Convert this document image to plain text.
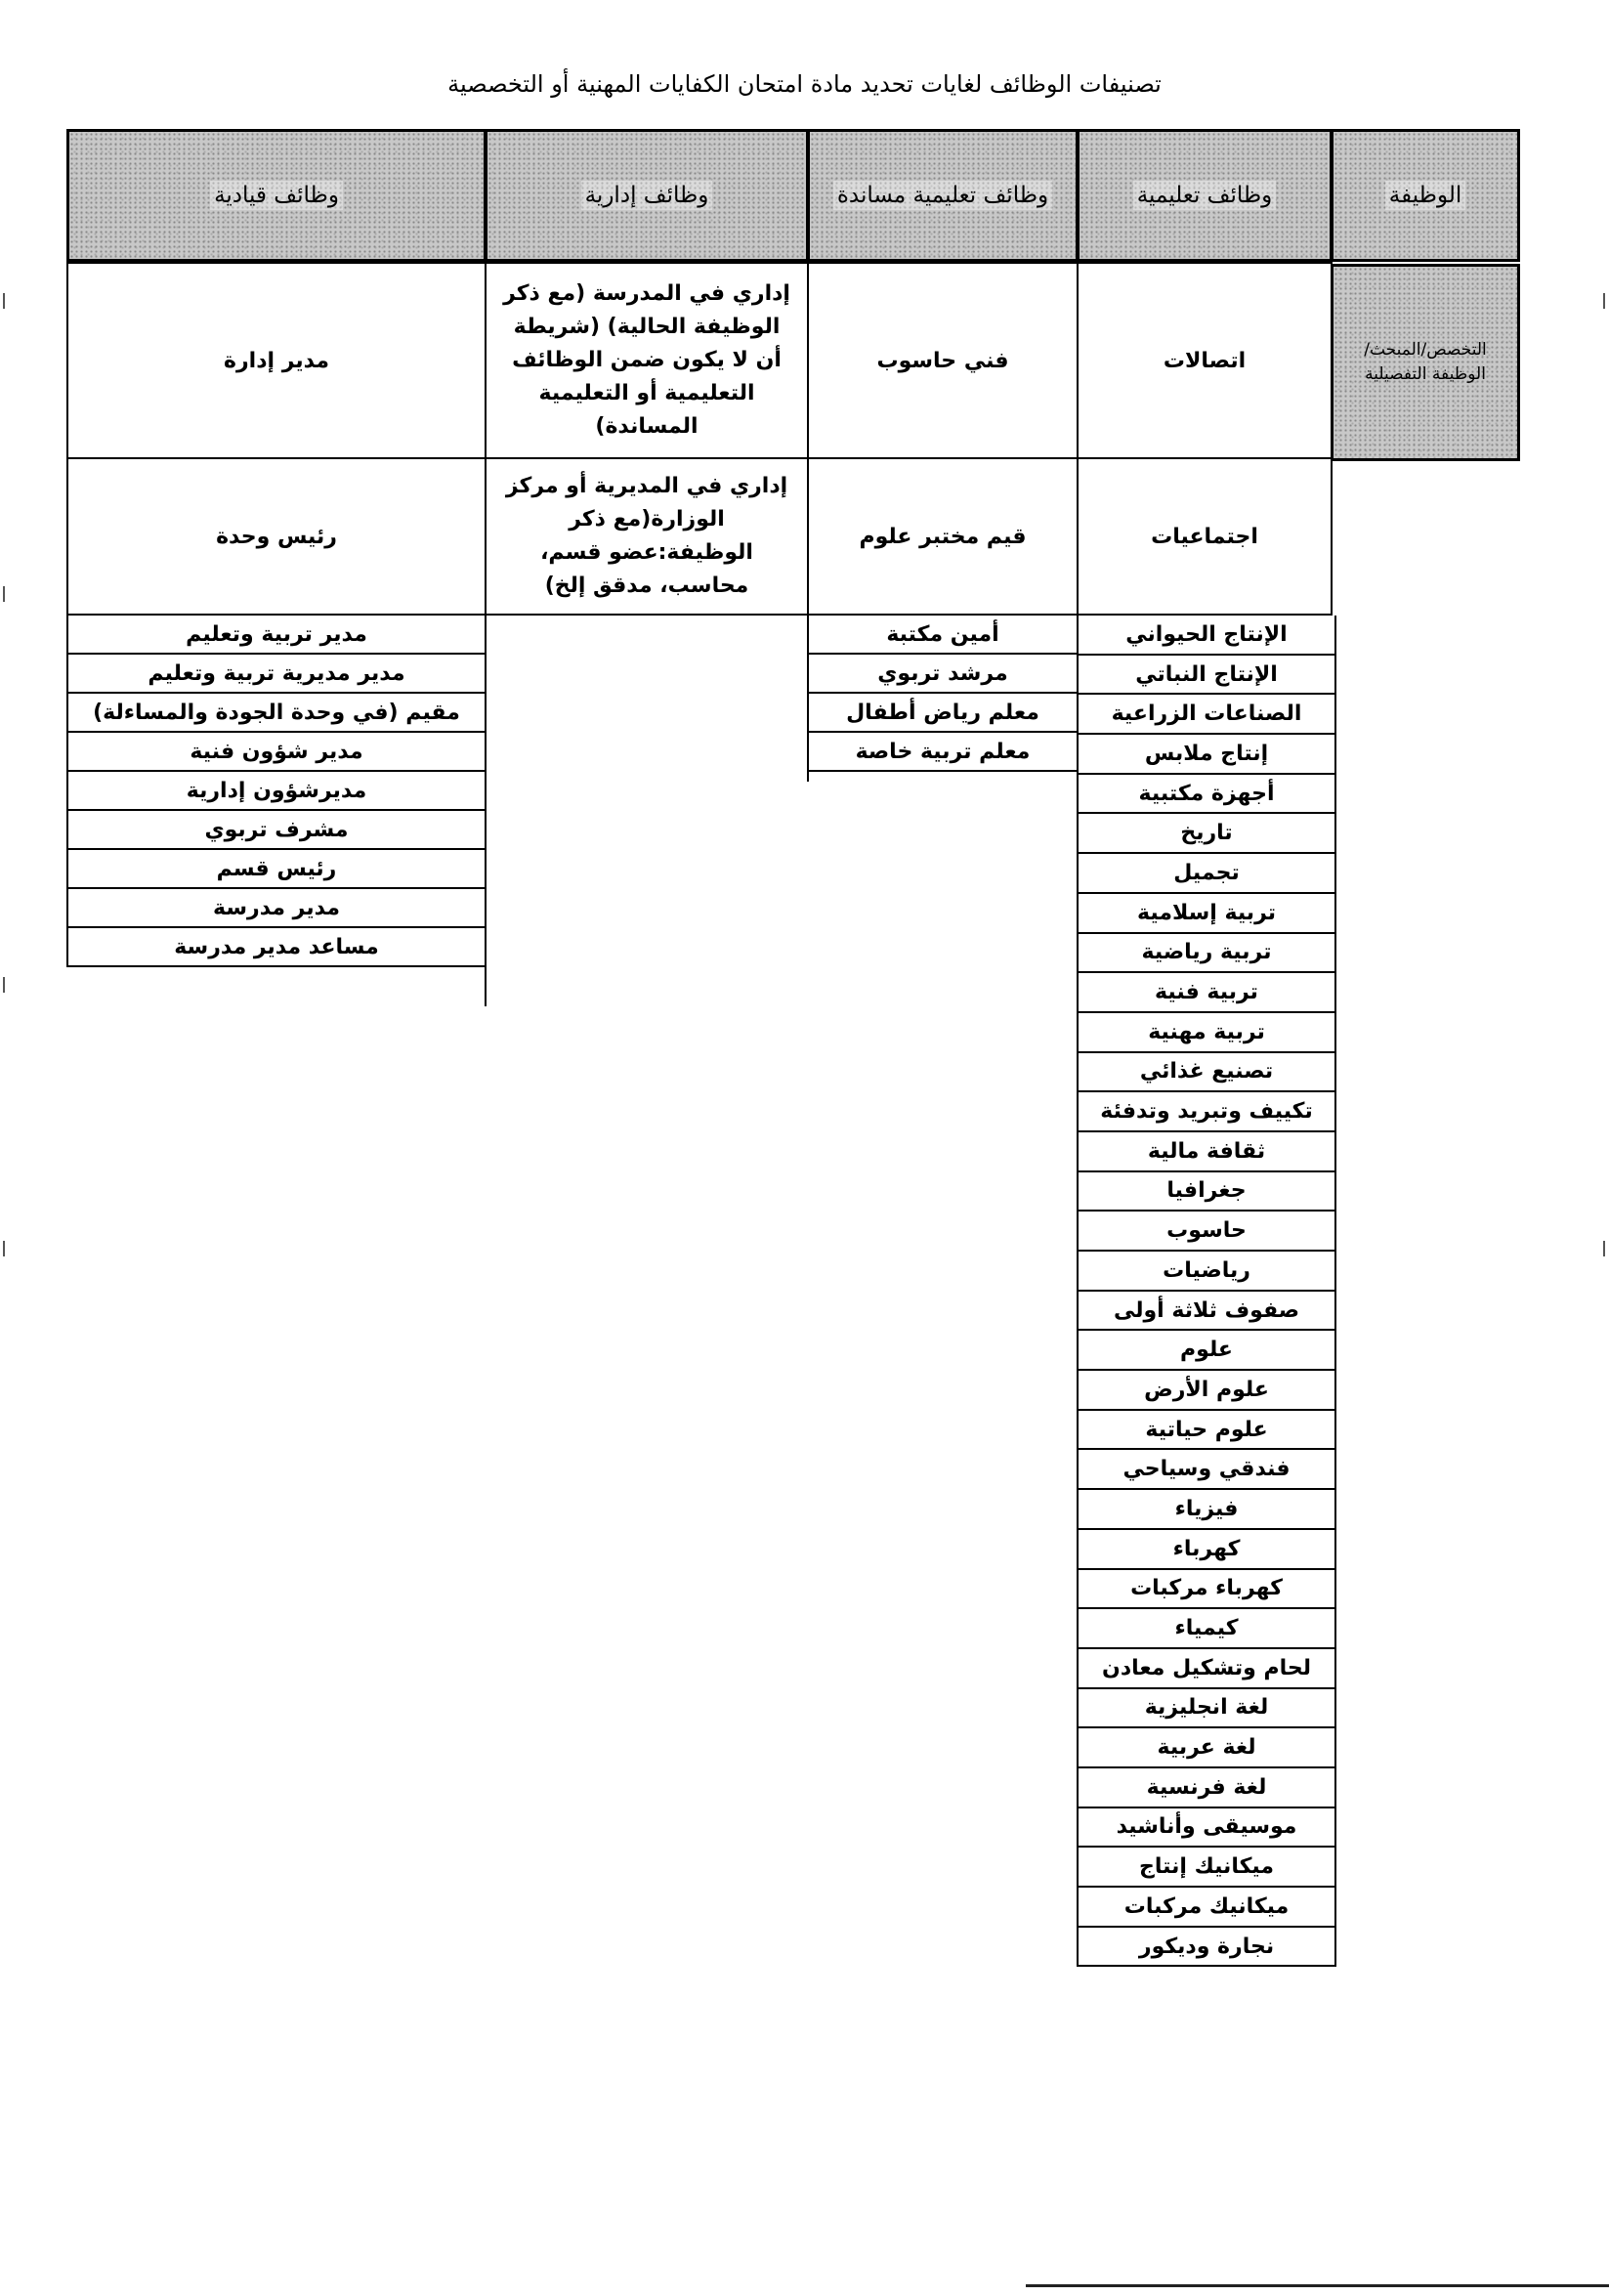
تصنيفات الوظائف لغايات تحديد مادة امتحان الكفايات المهنية أو التخصصية
الوظيفة
وظائف تعليمية
وظائف تعليمية مساندة
وظائف إدارية
وظائف قيادية
التخصص/المبحث/الوظيفة التفصيلية
اتصالات
فني حاسوب
إداري في المدرسة (مع ذكر الوظيفة الحالية) (شريطة أن لا يكون ضمن الوظائف التعليمية أو التعليمية المساندة)
مدير إدارة
اجتماعيات
قيم مختبر علوم
إداري في المديرية أو مركز الوزارة(مع ذكر الوظيفة:عضو قسم، محاسب، مدقق إلخ)
رئيس وحدة
الإنتاج الحيواني
الإنتاج النباتي
الصناعات الزراعية
إنتاج ملابس
أجهزة مكتبية
تاريخ
تجميل
تربية إسلامية
تربية رياضية
تربية فنية
تربية مهنية
تصنيع غذائي
تكييف وتبريد وتدفئة
ثقافة مالية
جغرافيا
حاسوب
رياضيات
صفوف ثلاثة أولى
علوم
علوم الأرض
علوم حياتية
فندقي وسياحي
فيزياء
كهرباء
كهرباء مركبات
كيمياء
لحام وتشكيل معادن
لغة انجليزية
لغة عربية
لغة فرنسية
موسيقى وأناشيد
ميكانيك إنتاج
ميكانيك مركبات
نجارة وديكور
أمين مكتبة
مرشد تربوي
معلم رياض أطفال
معلم تربية خاصة
مدير تربية وتعليم
مدير مديرية تربية وتعليم
مقيم (في وحدة الجودة والمساءلة)
مدير شؤون فنية
مديرشؤون إدارية
مشرف تربوي
رئيس قسم
مدير مدرسة
مساعد مدير مدرسة
